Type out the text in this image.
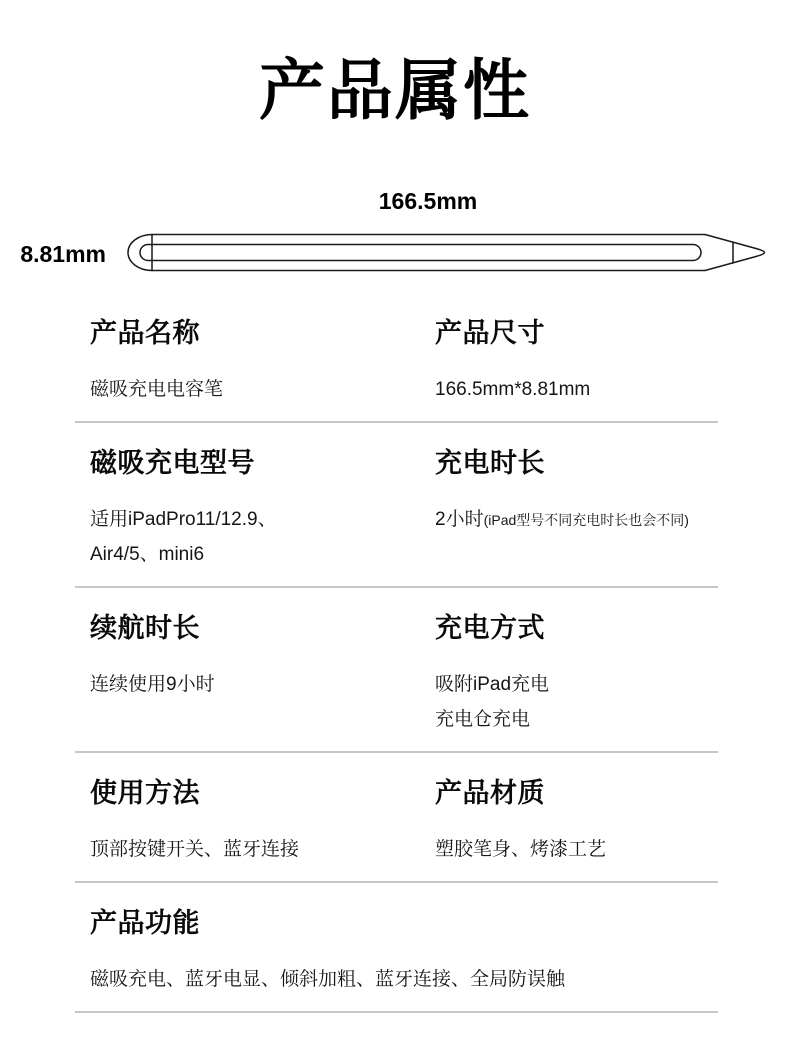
产品属性
166.5mm
8.81mm
产品名称

磁吸充电电容笔

产品尺寸

166.5mm*8.81mm

磁吸充电型号

适用iPadPro11/12.9、
Air4/5、mini6

充电时长

2小时(iPad型号不同充电时长也会不同)

续航时长

连续使用9小时

充电方式

吸附iPad充电
充电仓充电

使用方法

顶部按键开关、蓝牙连接

产品材质

塑胶笔身、烤漆工艺

产品功能

磁吸充电、蓝牙电显、倾斜加粗、蓝牙连接、全局防误触
